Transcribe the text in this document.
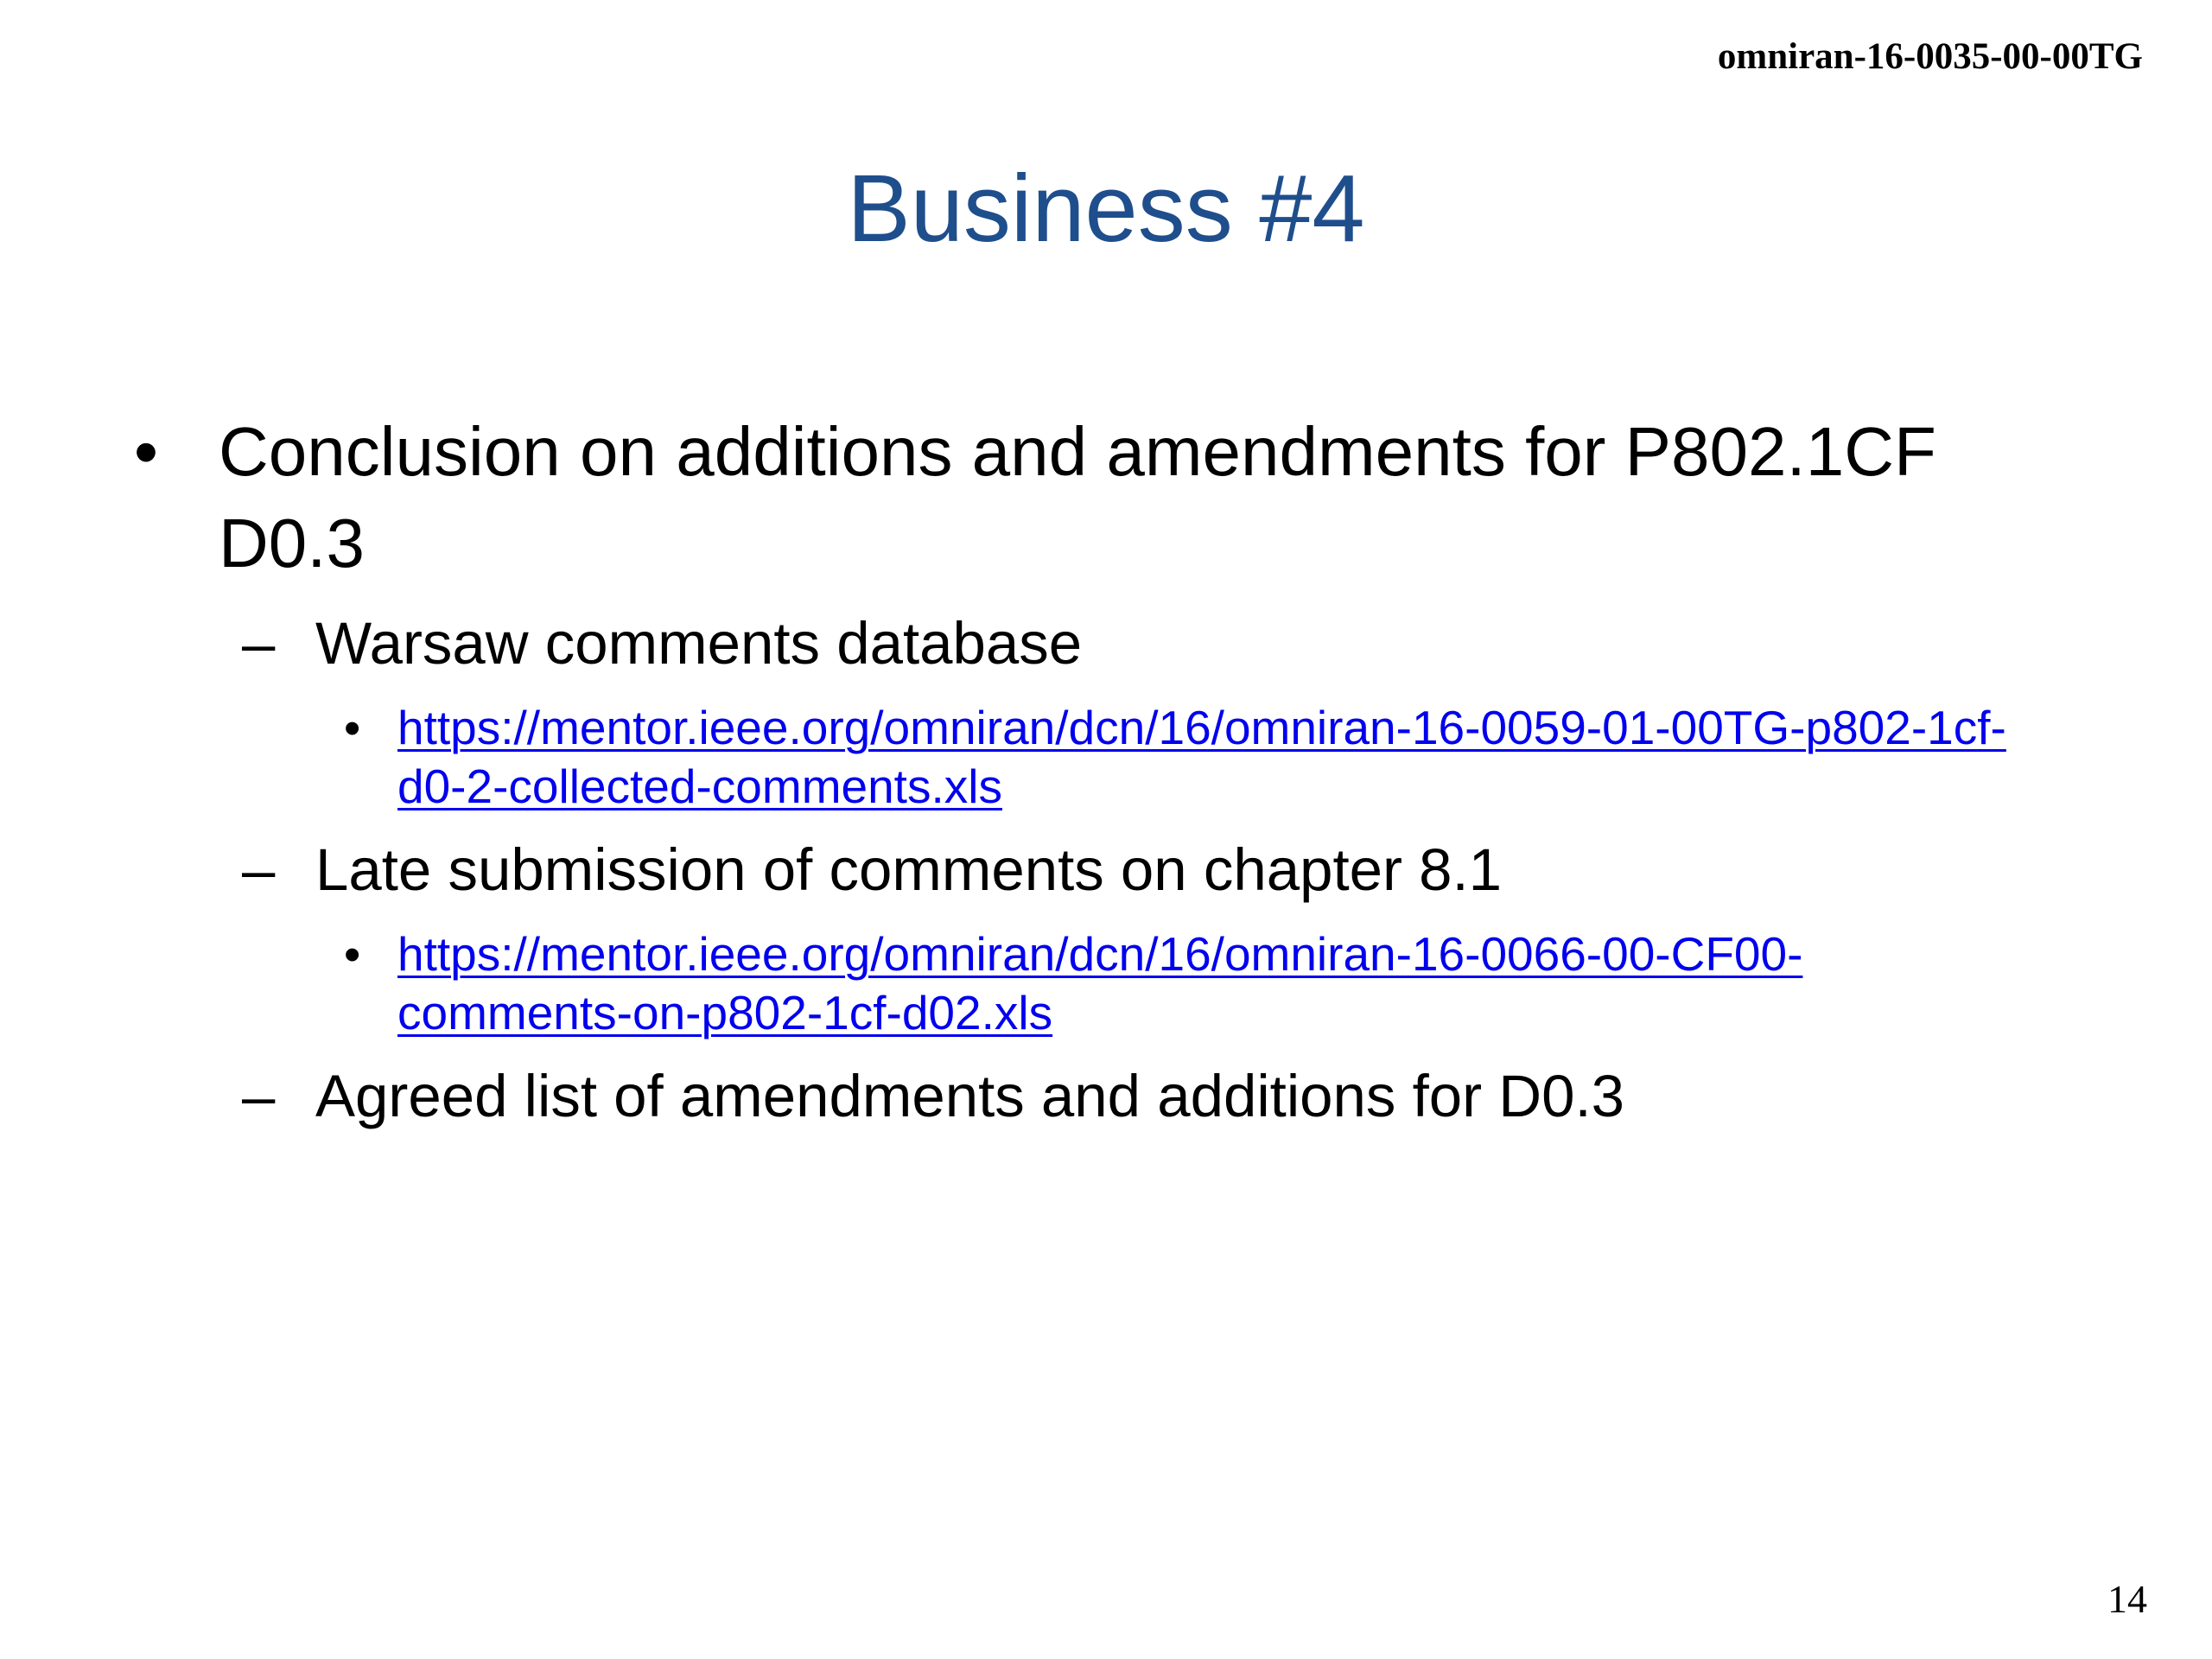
omniran-16-0035-00-00TG
Business #4
• Conclusion on additions and amendments for P802.1CF D0.3
– Warsaw comments database
• https://mentor.ieee.org/omniran/dcn/16/omniran-16-0059-01-00TG-p802-1cf-
d0-2-collected-comments.xls
– Late submission of comments on chapter 8.1
• https://mentor.ieee.org/omniran/dcn/16/omniran-16-0066-00-CF00-
comments-on-p802-1cf-d02.xls
– Agreed list of amendments and additions for D0.3
14
